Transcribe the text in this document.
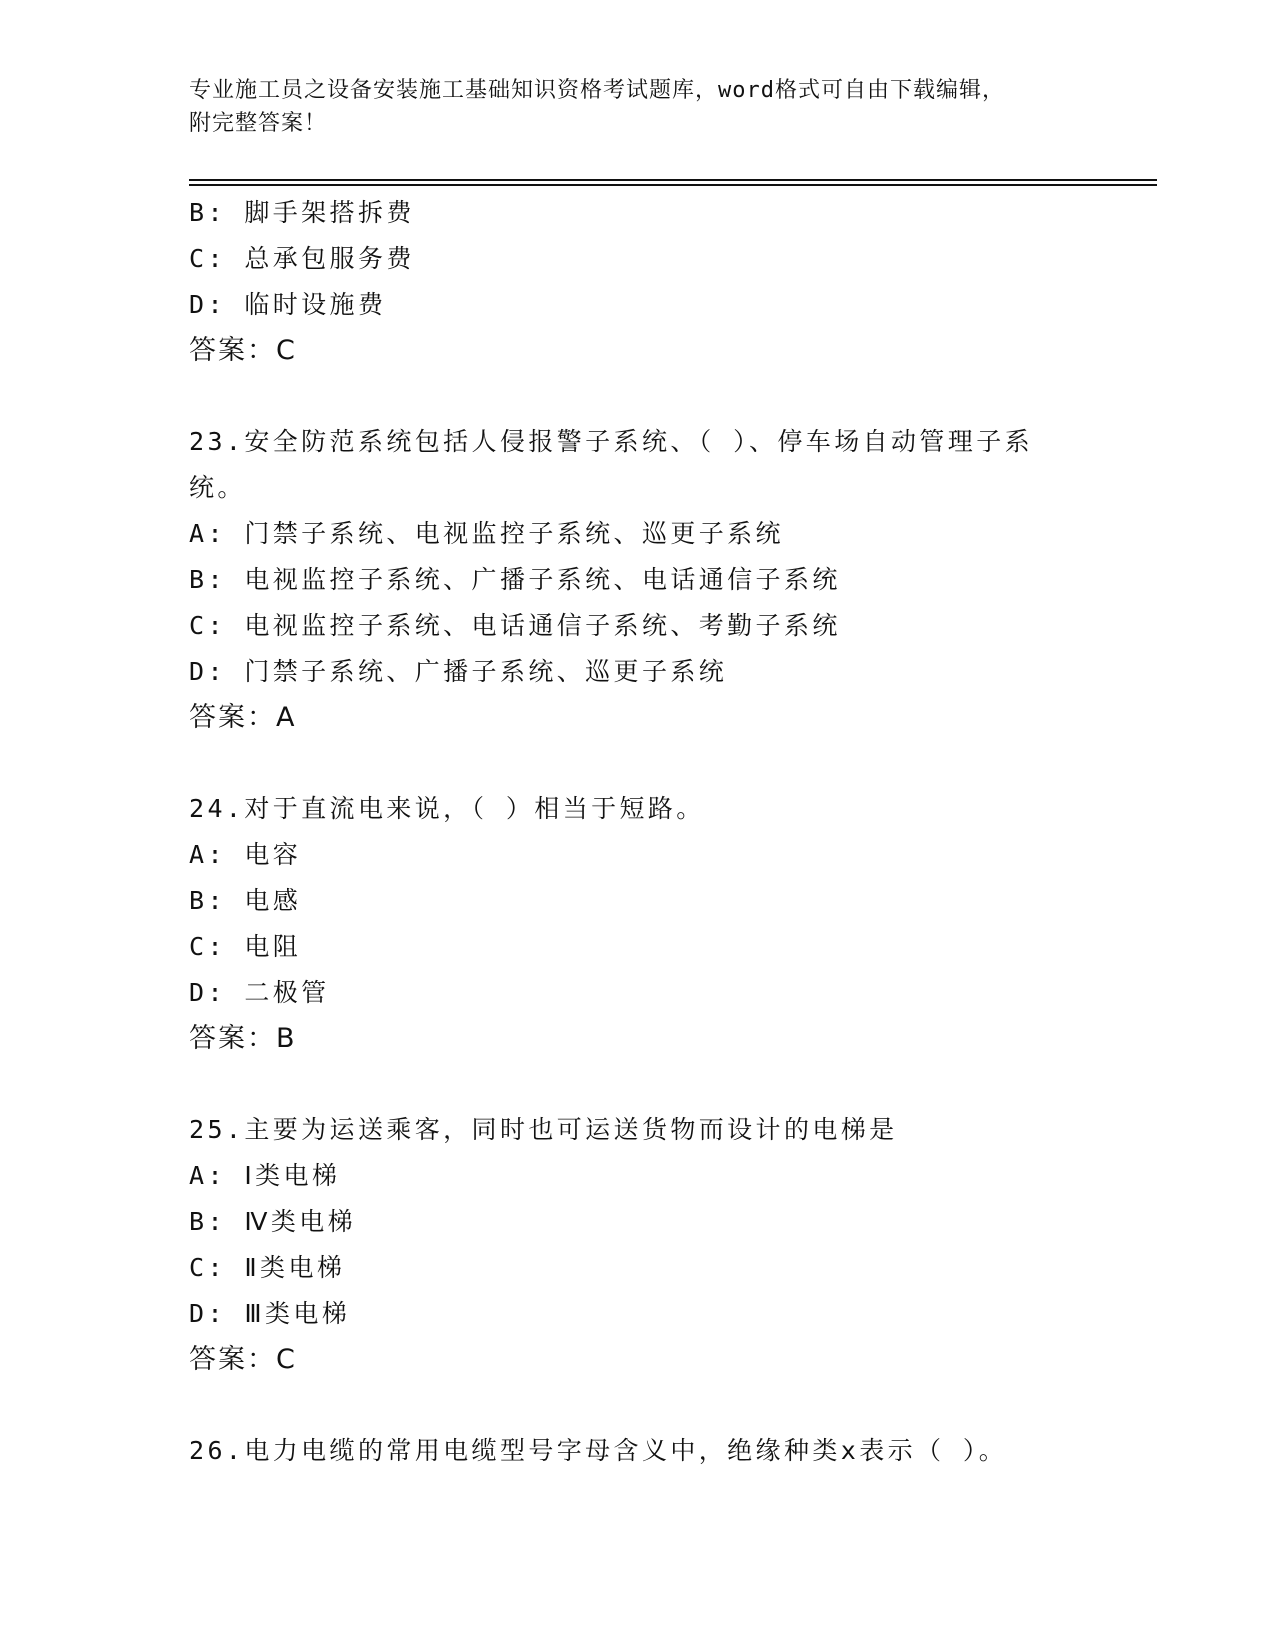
专业施工员之设备安装施工基础知识资格考试题库，word格式可自由下载编辑，
附完整答案！
B: 脚手架搭拆费
C: 总承包服务费
D: 临时设施费
答案：C
23.安全防范系统包括人侵报警子系统、（ ）、停车场自动管理子系
统。
A: 门禁子系统、电视监控子系统、巡更子系统
B: 电视监控子系统、广播子系统、电话通信子系统
C: 电视监控子系统、电话通信子系统、考勤子系统
D: 门禁子系统、广播子系统、巡更子系统
答案：A
24.对于直流电来说，（ ）相当于短路。
A: 电容
B: 电感
C: 电阻
D: 二极管
答案：B
25.主要为运送乘客，同时也可运送货物而设计的电梯是
A: Ⅰ类电梯
B: Ⅳ类电梯
C: Ⅱ类电梯
D: Ⅲ类电梯
答案：C
26.电力电缆的常用电缆型号字母含义中，绝缘种类x表示（ ）。
